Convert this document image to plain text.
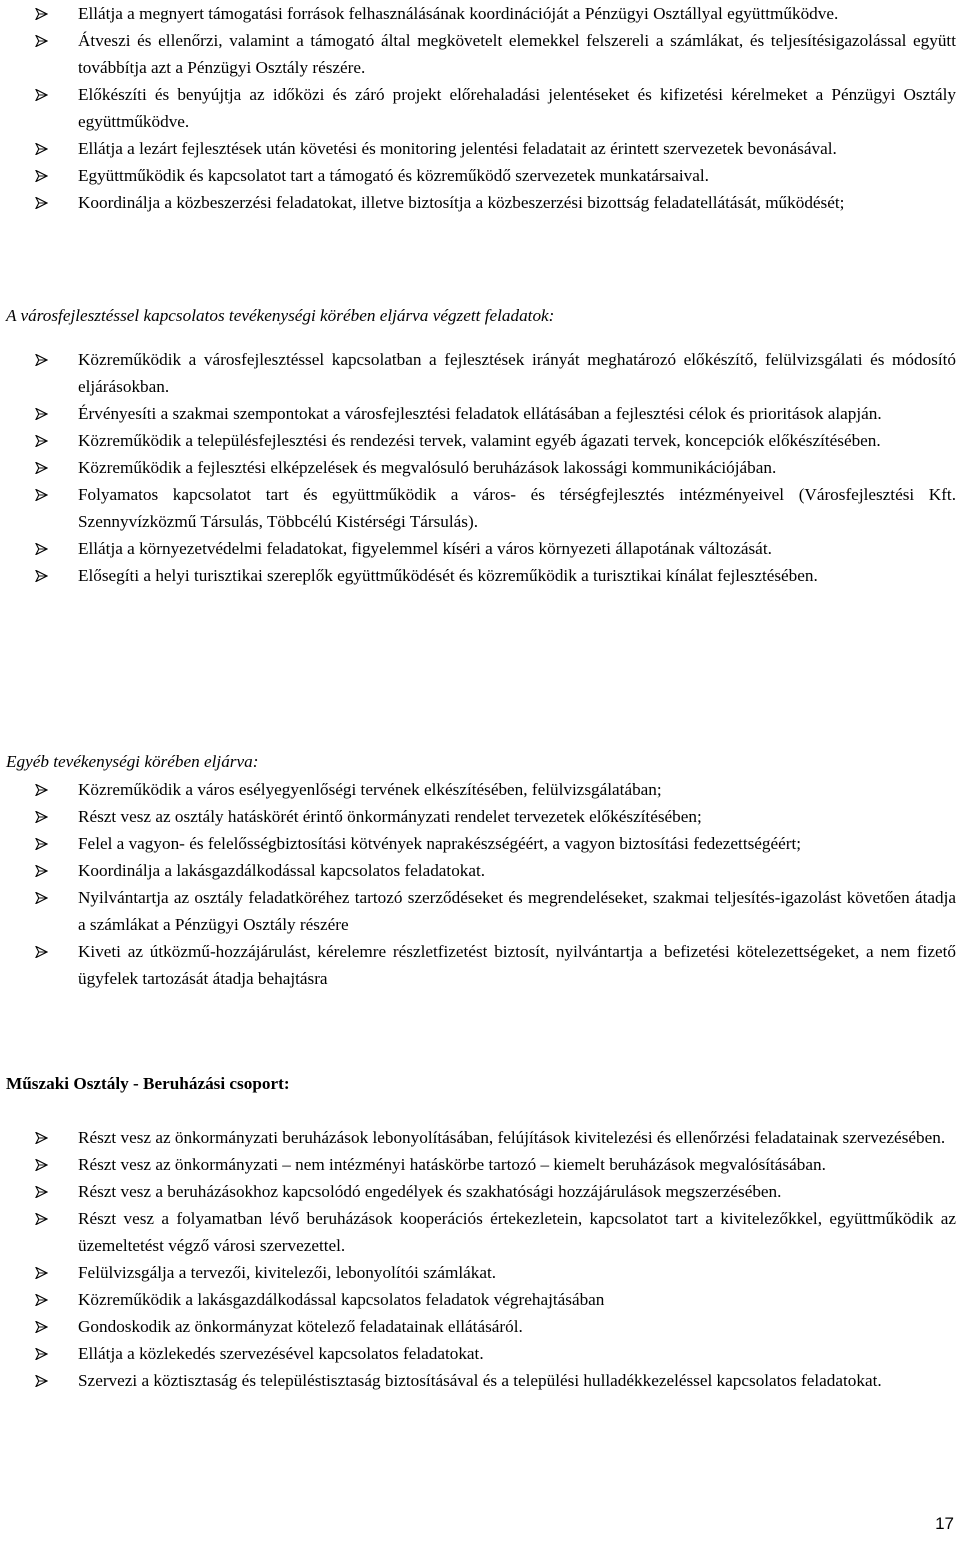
Ellátja a megnyert támogatási források felhasználásának koordinációját a Pénzügyi Osztállyal együttműködve.
Átveszi és ellenőrzi, valamint a támogató által megkövetelt elemekkel felszereli a számlákat, és teljesítésigazolással együtt továbbítja azt a Pénzügyi Osztály részére.
Előkészíti és benyújtja az időközi és záró projekt előrehaladási jelentéseket és kifizetési kérelmeket a Pénzügyi Osztály együttműködve.
Ellátja a lezárt fejlesztések után követési és monitoring jelentési feladatait az érintett szervezetek bevonásával.
Együttműködik és kapcsolatot tart a támogató és közreműködő szervezetek munkatársaival.
Koordinálja a közbeszerzési feladatokat, illetve biztosítja a közbeszerzési bizottság feladatellátását, működését;
A városfejlesztéssel kapcsolatos tevékenységi körében eljárva végzett feladatok:
Közreműködik a városfejlesztéssel kapcsolatban a fejlesztések irányát meghatározó előkészítő, felülvizsgálati és módosító eljárásokban.
Érvényesíti a szakmai szempontokat a városfejlesztési feladatok ellátásában a fejlesztési célok és prioritások alapján.
Közreműködik a településfejlesztési és rendezési tervek, valamint egyéb ágazati tervek, koncepciók előkészítésében.
Közreműködik a fejlesztési elképzelések és megvalósuló beruházások lakossági kommunikációjában.
Folyamatos kapcsolatot tart és együttműködik a város- és térségfejlesztés intézményeivel (Városfejlesztési Kft. Szennyvízközmű Társulás, Többcélú Kistérségi Társulás).
Ellátja a környezetvédelmi feladatokat, figyelemmel kíséri a város környezeti állapotának változását.
Elősegíti a helyi turisztikai szereplők együttműködését és közreműködik a turisztikai kínálat fejlesztésében.
Egyéb tevékenységi körében eljárva:
Közreműködik a város esélyegyenlőségi tervének elkészítésében, felülvizsgálatában;
Részt vesz az osztály hatáskörét érintő önkormányzati rendelet tervezetek előkészítésében;
Felel a vagyon- és felelősségbiztosítási kötvények naprakészségéért, a vagyon biztosítási fedezettségéért;
Koordinálja a lakásgazdálkodással kapcsolatos feladatokat.
Nyilvántartja az osztály feladatköréhez tartozó szerződéseket és megrendeléseket, szakmai teljesítés-igazolást követően átadja a számlákat a Pénzügyi Osztály részére
Kiveti az útközmű-hozzájárulást, kérelemre részletfizetést biztosít, nyilvántartja a befizetési kötelezettségeket, a nem fizető ügyfelek tartozását átadja behajtásra
Műszaki Osztály - Beruházási csoport:
Részt vesz az önkormányzati beruházások lebonyolításában, felújítások kivitelezési és ellenőrzési feladatainak szervezésében.
Részt vesz az önkormányzati – nem intézményi hatáskörbe tartozó – kiemelt beruházások megvalósításában.
Részt vesz a beruházásokhoz kapcsolódó engedélyek és szakhatósági hozzájárulások megszerzésében.
Részt vesz a folyamatban lévő beruházások kooperációs értekezletein, kapcsolatot tart a kivitelezőkkel, együttműködik az üzemeltetést végző városi szervezettel.
Felülvizsgálja a tervezői, kivitelezői, lebonyolítói számlákat.
Közreműködik a lakásgazdálkodással kapcsolatos feladatok végrehajtásában
Gondoskodik az önkormányzat kötelező feladatainak ellátásáról.
Ellátja a közlekedés szervezésével kapcsolatos feladatokat.
Szervezi a köztisztaság és településtisztaság biztosításával és a települési hulladékkezeléssel kapcsolatos feladatokat.
17
